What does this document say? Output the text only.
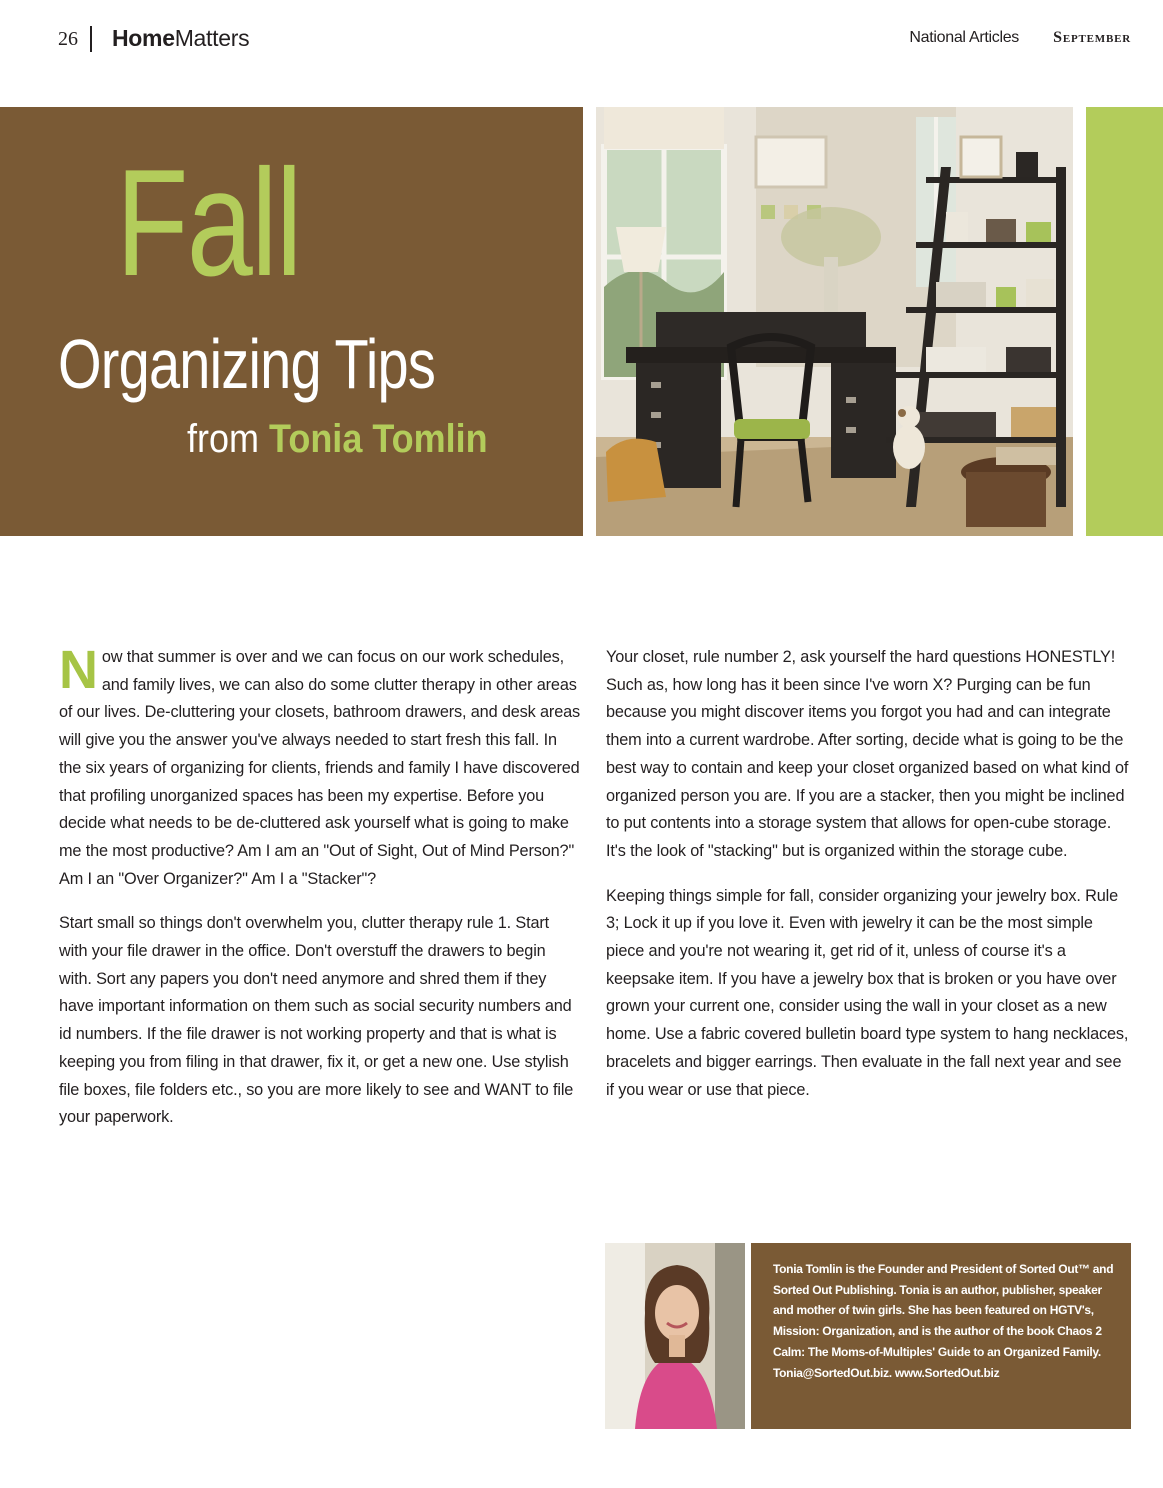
26 HomeMatters	National Articles September
Fall
Organizing Tips
from Tonia Tomlin

Now that summer is over and we can focus on our work schedules, and family lives, we can also do some clutter therapy in other areas of our lives. De-cluttering your closets, bathroom drawers, and desk areas will give you the answer you've always needed to start fresh this fall. In the six years of organizing for clients, friends and family I have discovered that profiling unorganized spaces has been my expertise. Before you decide what needs to be de-cluttered ask yourself what is going to make me the most productive? Am I am an "Out of Sight, Out of Mind Person?" Am I an "Over Organizer?" Am I a "Stacker"?

Start small so things don't overwhelm you, clutter therapy rule 1. Start with your file drawer in the office. Don't overstuff the drawers to begin with. Sort any papers you don't need anymore and shred them if they have important information on them such as social security numbers and id numbers. If the file drawer is not working property and that is what is keeping you from filing in that drawer, fix it, or get a new one. Use stylish file boxes, file folders etc., so you are more likely to see and WANT to file your paperwork.

Your closet, rule number 2, ask yourself the hard questions HONESTLY! Such as, how long has it been since I've worn X? Purging can be fun because you might discover items you forgot you had and can integrate them into a current wardrobe. After sorting, decide what is going to be the best way to contain and keep your closet organized based on what kind of organized person you are. If you are a stacker, then you might be inclined to put contents into a storage system that allows for open-cube storage. It's the look of "stacking" but is organized within the storage cube.

Keeping things simple for fall, consider organizing your jewelry box. Rule 3; Lock it up if you love it. Even with jewelry it can be the most simple piece and you're not wearing it, get rid of it, unless of course it's a keepsake item. If you have a jewelry box that is broken or you have over grown your current one, consider using the wall in your closet as a new home. Use a fabric covered bulletin board type system to hang necklaces, bracelets and bigger earrings. Then evaluate in the fall next year and see if you wear or use that piece.

Tonia Tomlin is the Founder and President of Sorted Out™ and Sorted Out Publishing. Tonia is an author, publisher, speaker and mother of twin girls. She has been featured on HGTV's, Mission: Organization, and is the author of the book Chaos 2 Calm: The Moms-of-Multiples' Guide to an Organized Family. Tonia@SortedOut.biz. www.SortedOut.biz
